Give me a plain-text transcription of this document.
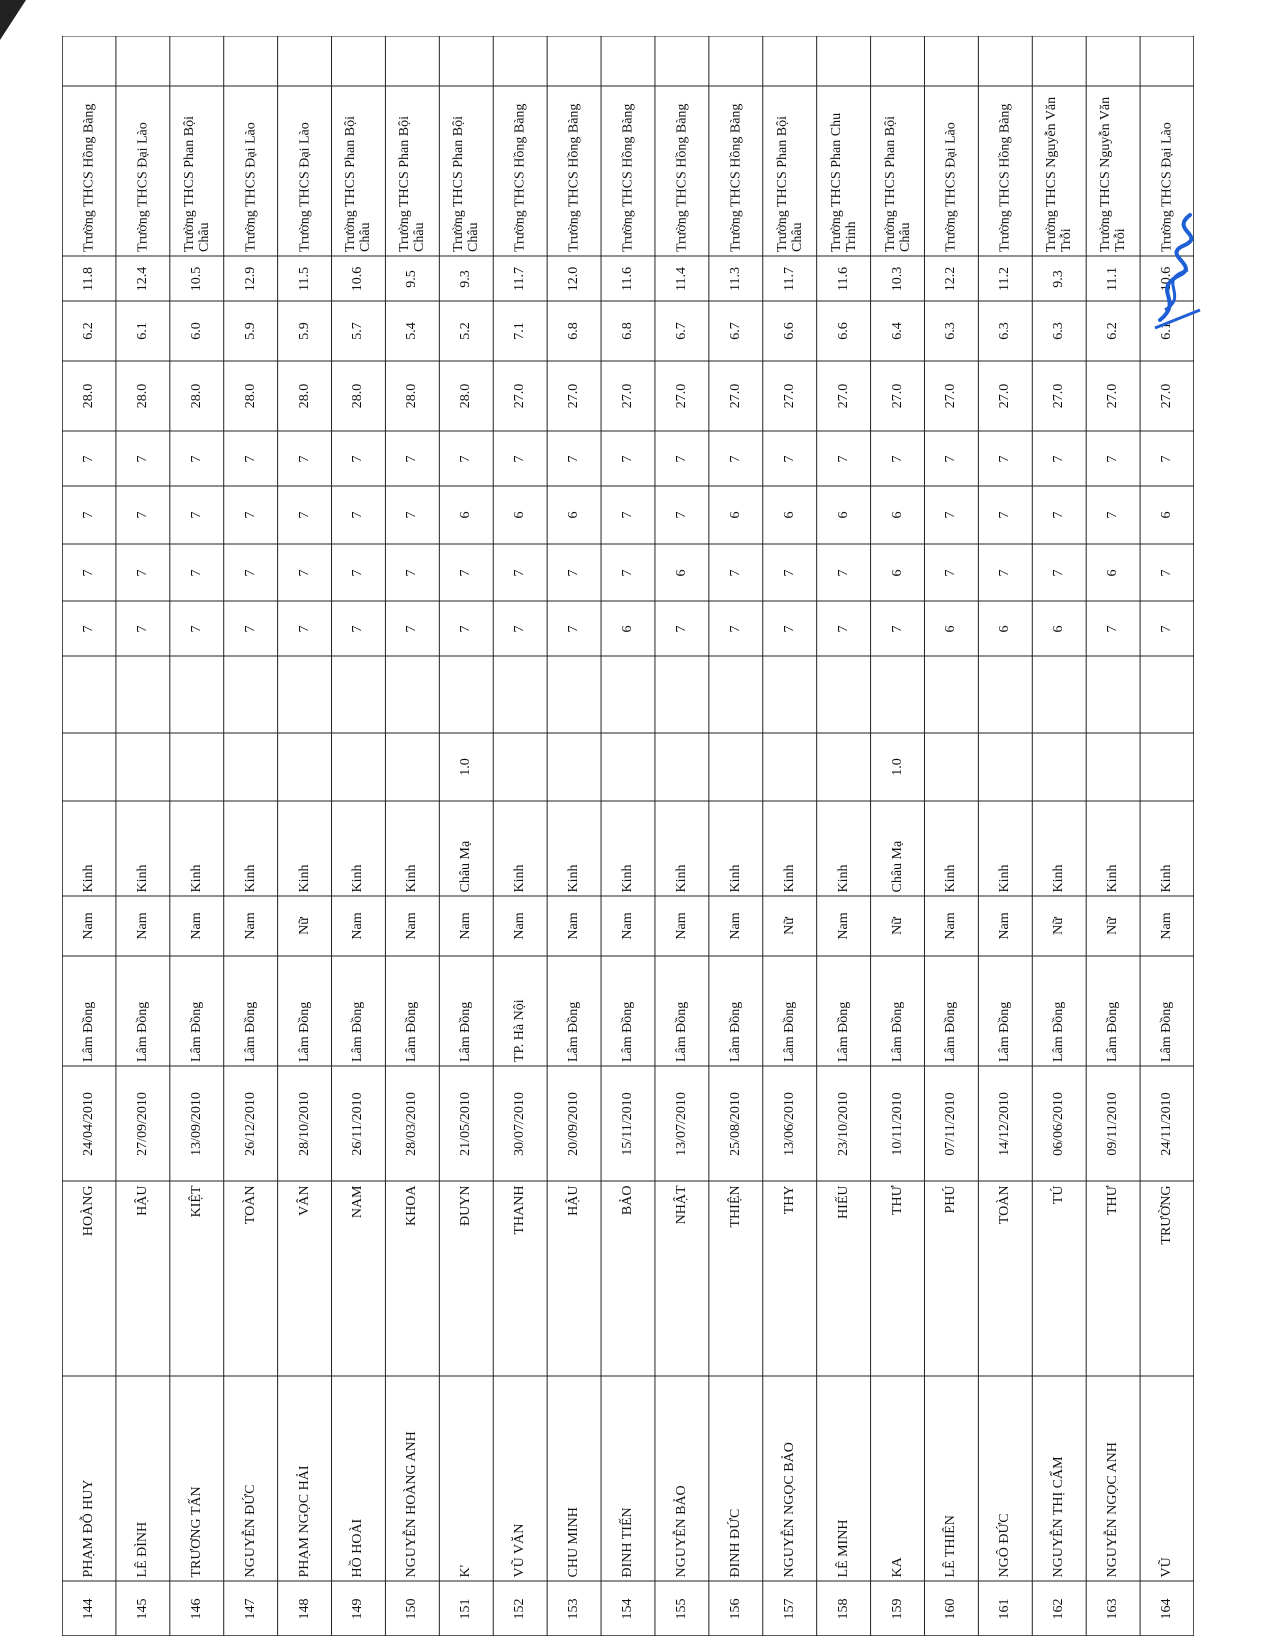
144
PHẠM ĐỖ HUY
HOÀNG
24/04/2010
Lâm Đồng
Nam
Kinh
7
7
7
7
28.0
6.2
11.8
Trường THCS Hồng Bàng
145
LÊ ĐÌNH
HẬU
27/09/2010
Lâm Đồng
Nam
Kinh
7
7
7
7
28.0
6.1
12.4
Trường THCS Đại Lào
146
TRƯƠNG TẤN
KIỆT
13/09/2010
Lâm Đồng
Nam
Kinh
7
7
7
7
28.0
6.0
10.5
Trường THCS Phan Bội Châu
147
NGUYỄN ĐỨC
TOÀN
26/12/2010
Lâm Đồng
Nam
Kinh
7
7
7
7
28.0
5.9
12.9
Trường THCS Đại Lào
148
PHẠM NGỌC HẢI
VÂN
28/10/2010
Lâm Đồng
Nữ
Kinh
7
7
7
7
28.0
5.9
11.5
Trường THCS Đại Lào
149
HỒ HOÀI
NAM
26/11/2010
Lâm Đồng
Nam
Kinh
7
7
7
7
28.0
5.7
10.6
Trường THCS Phan Bội Châu
150
NGUYỄN HOÀNG ANH
KHOA
28/03/2010
Lâm Đồng
Nam
Kinh
7
7
7
7
28.0
5.4
9.5
Trường THCS Phan Bội Châu
151
K'
ĐUYN
21/05/2010
Lâm Đồng
Nam
Châu Mạ
1.0
7
7
6
7
28.0
5.2
9.3
Trường THCS Phan Bội Châu
152
VŨ VĂN
THANH
30/07/2010
TP. Hà Nội
Nam
Kinh
7
7
6
7
27.0
7.1
11.7
Trường THCS Hồng Bàng
153
CHU MINH
HẬU
20/09/2010
Lâm Đồng
Nam
Kinh
7
7
6
7
27.0
6.8
12.0
Trường THCS Hồng Bàng
154
ĐINH TIẾN
BẢO
15/11/2010
Lâm Đồng
Nam
Kinh
6
7
7
7
27.0
6.8
11.6
Trường THCS Hồng Bàng
155
NGUYỄN BẢO
NHẬT
13/07/2010
Lâm Đồng
Nam
Kinh
7
6
7
7
27.0
6.7
11.4
Trường THCS Hồng Bàng
156
ĐINH ĐỨC
THIỆN
25/08/2010
Lâm Đồng
Nam
Kinh
7
7
6
7
27.0
6.7
11.3
Trường THCS Hồng Bàng
157
NGUYỄN NGỌC BẢO
THY
13/06/2010
Lâm Đồng
Nữ
Kinh
7
7
6
7
27.0
6.6
11.7
Trường THCS Phan Bội Châu
158
LÊ MINH
HIẾU
23/10/2010
Lâm Đồng
Nam
Kinh
7
7
6
7
27.0
6.6
11.6
Trường THCS Phan Chu Trinh
159
KA
THƯ
10/11/2010
Lâm Đồng
Nữ
Châu Mạ
1.0
7
6
6
7
27.0
6.4
10.3
Trường THCS Phan Bội Châu
160
LÊ THIÊN
PHÚ
07/11/2010
Lâm Đồng
Nam
Kinh
6
7
7
7
27.0
6.3
12.2
Trường THCS Đại Lào
161
NGÔ ĐỨC
TOÀN
14/12/2010
Lâm Đồng
Nam
Kinh
6
7
7
7
27.0
6.3
11.2
Trường THCS Hồng Bàng
162
NGUYỄN THỊ CẨM
TÚ
06/06/2010
Lâm Đồng
Nữ
Kinh
6
7
7
7
27.0
6.3
9.3
Trường THCS Nguyễn Văn Trỗi
163
NGUYỄN NGỌC ANH
THƯ
09/11/2010
Lâm Đồng
Nữ
Kinh
7
6
7
7
27.0
6.2
11.1
Trường THCS Nguyễn Văn Trỗi
164
VŨ
TRƯỜNG
24/11/2010
Lâm Đồng
Nam
Kinh
7
7
6
7
27.0
6.1
10.6
Trường THCS Đại Lào
